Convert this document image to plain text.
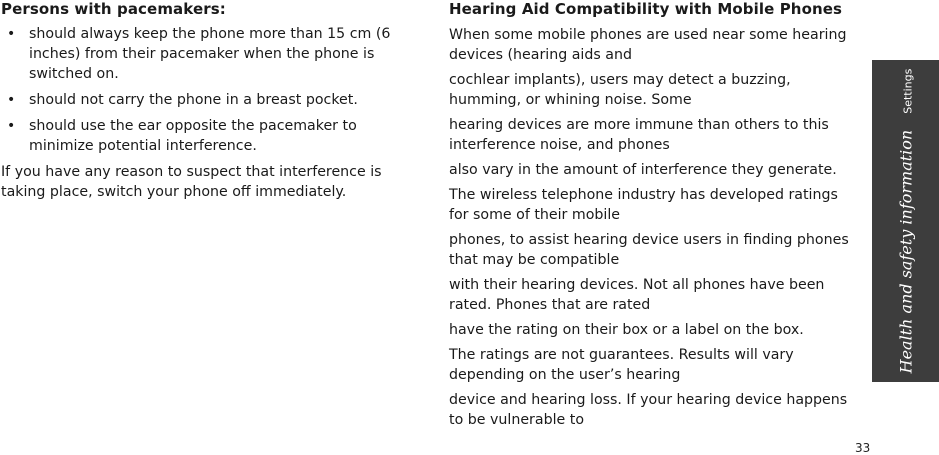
Persons with pacemakers:
• should always keep the phone more than 15 cm (6 inches) from their pacemaker when the phone is switched on.
• should not carry the phone in a breast pocket.
• should use the ear opposite the pacemaker to minimize potential interference.

If you have any reason to suspect that interference is taking place, switch your phone off immediately.

Hearing Aid Compatibility with Mobile Phones

When some mobile phones are used near some hearing devices (hearing aids and

cochlear implants), users may detect a buzzing, humming, or whining noise. Some

hearing devices are more immune than others to this interference noise, and phones

also vary in the amount of interference they generate.

The wireless telephone industry has developed ratings for some of their mobile

phones, to assist hearing device users in finding phones that may be compatible

with their hearing devices. Not all phones have been rated. Phones that are rated

have the rating on their box or a label on the box.

The ratings are not guarantees. Results will vary depending on the user’s hearing

device and hearing loss. If your hearing device happens to be vulnerable to

Health and safety information
Settings
33
